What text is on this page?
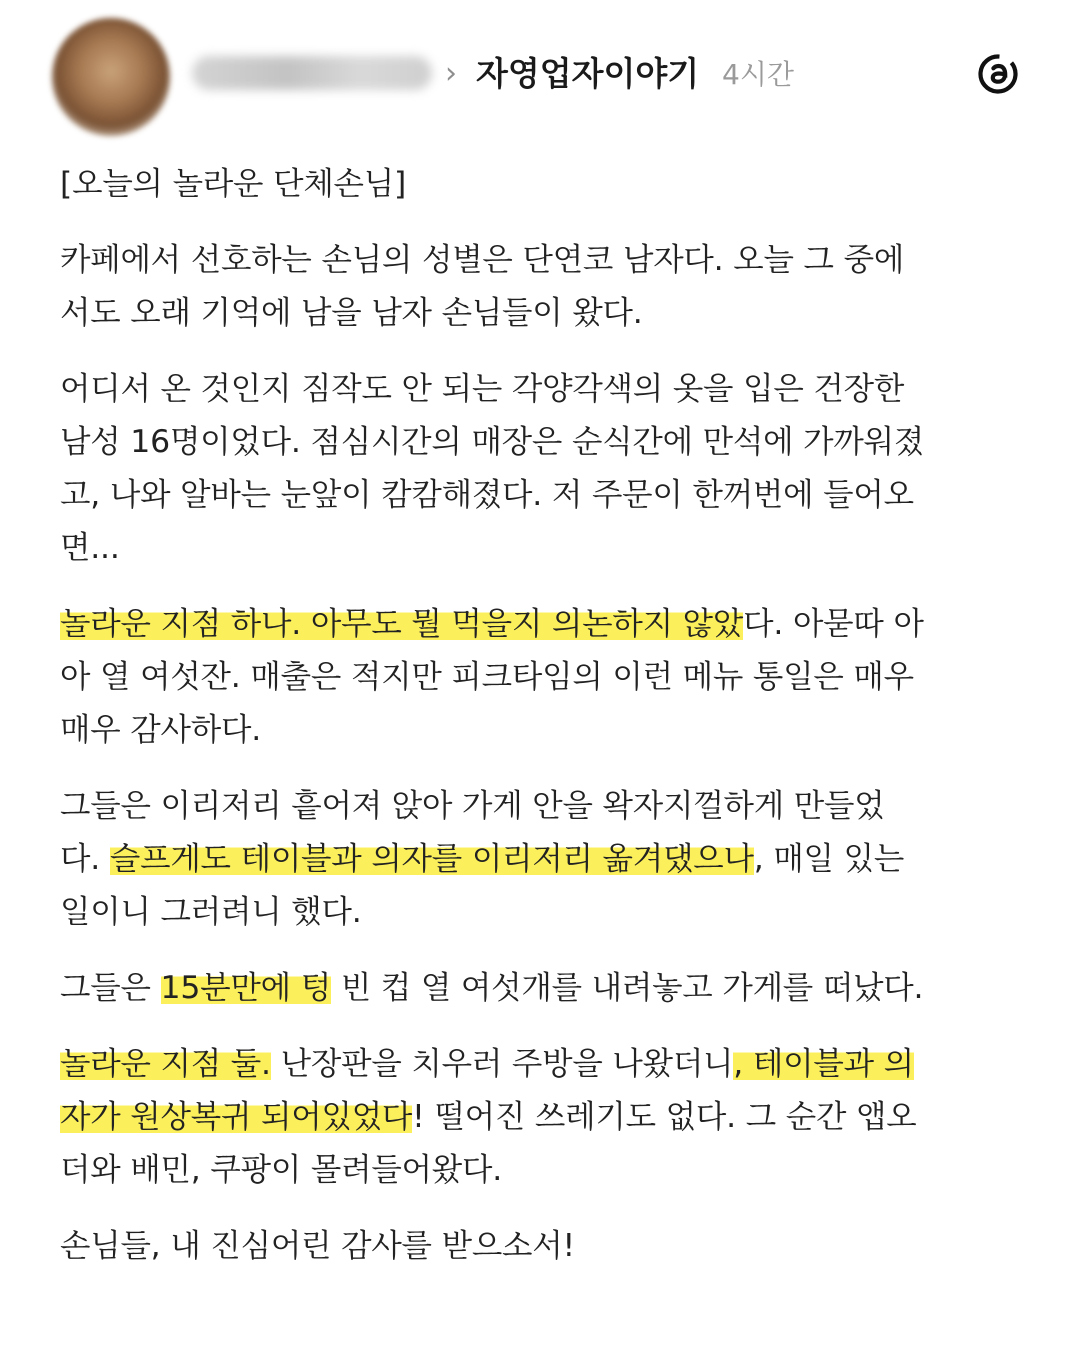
› 자영업자이야기 4시간

[오늘의 놀라운 단체손님]

카페에서 선호하는 손님의 성별은 단연코 남자다. 오늘 그 중에
서도 오래 기억에 남을 남자 손님들이 왔다.

어디서 온 것인지 짐작도 안 되는 각양각색의 옷을 입은 건장한
남성 16명이었다. 점심시간의 매장은 순식간에 만석에 가까워졌
고, 나와 알바는 눈앞이 캄캄해졌다. 저 주문이 한꺼번에 들어오
면...

놀라운 지점 하나. 아무도 뭘 먹을지 의논하지 않았다. 아묻따 아
아 열 여섯잔. 매출은 적지만 피크타임의 이런 메뉴 통일은 매우
매우 감사하다.

그들은 이리저리 흩어져 앉아 가게 안을 왁자지껄하게 만들었
다. 슬프게도 테이블과 의자를 이리저리 옮겨댔으나, 매일 있는
일이니 그러려니 했다.

그들은 15분만에 텅 빈 컵 열 여섯개를 내려놓고 가게를 떠났다.

놀라운 지점 둘. 난장판을 치우러 주방을 나왔더니, 테이블과 의
자가 원상복귀 되어있었다! 떨어진 쓰레기도 없다. 그 순간 앱오
더와 배민, 쿠팡이 몰려들어왔다.

손님들, 내 진심어린 감사를 받으소서!
